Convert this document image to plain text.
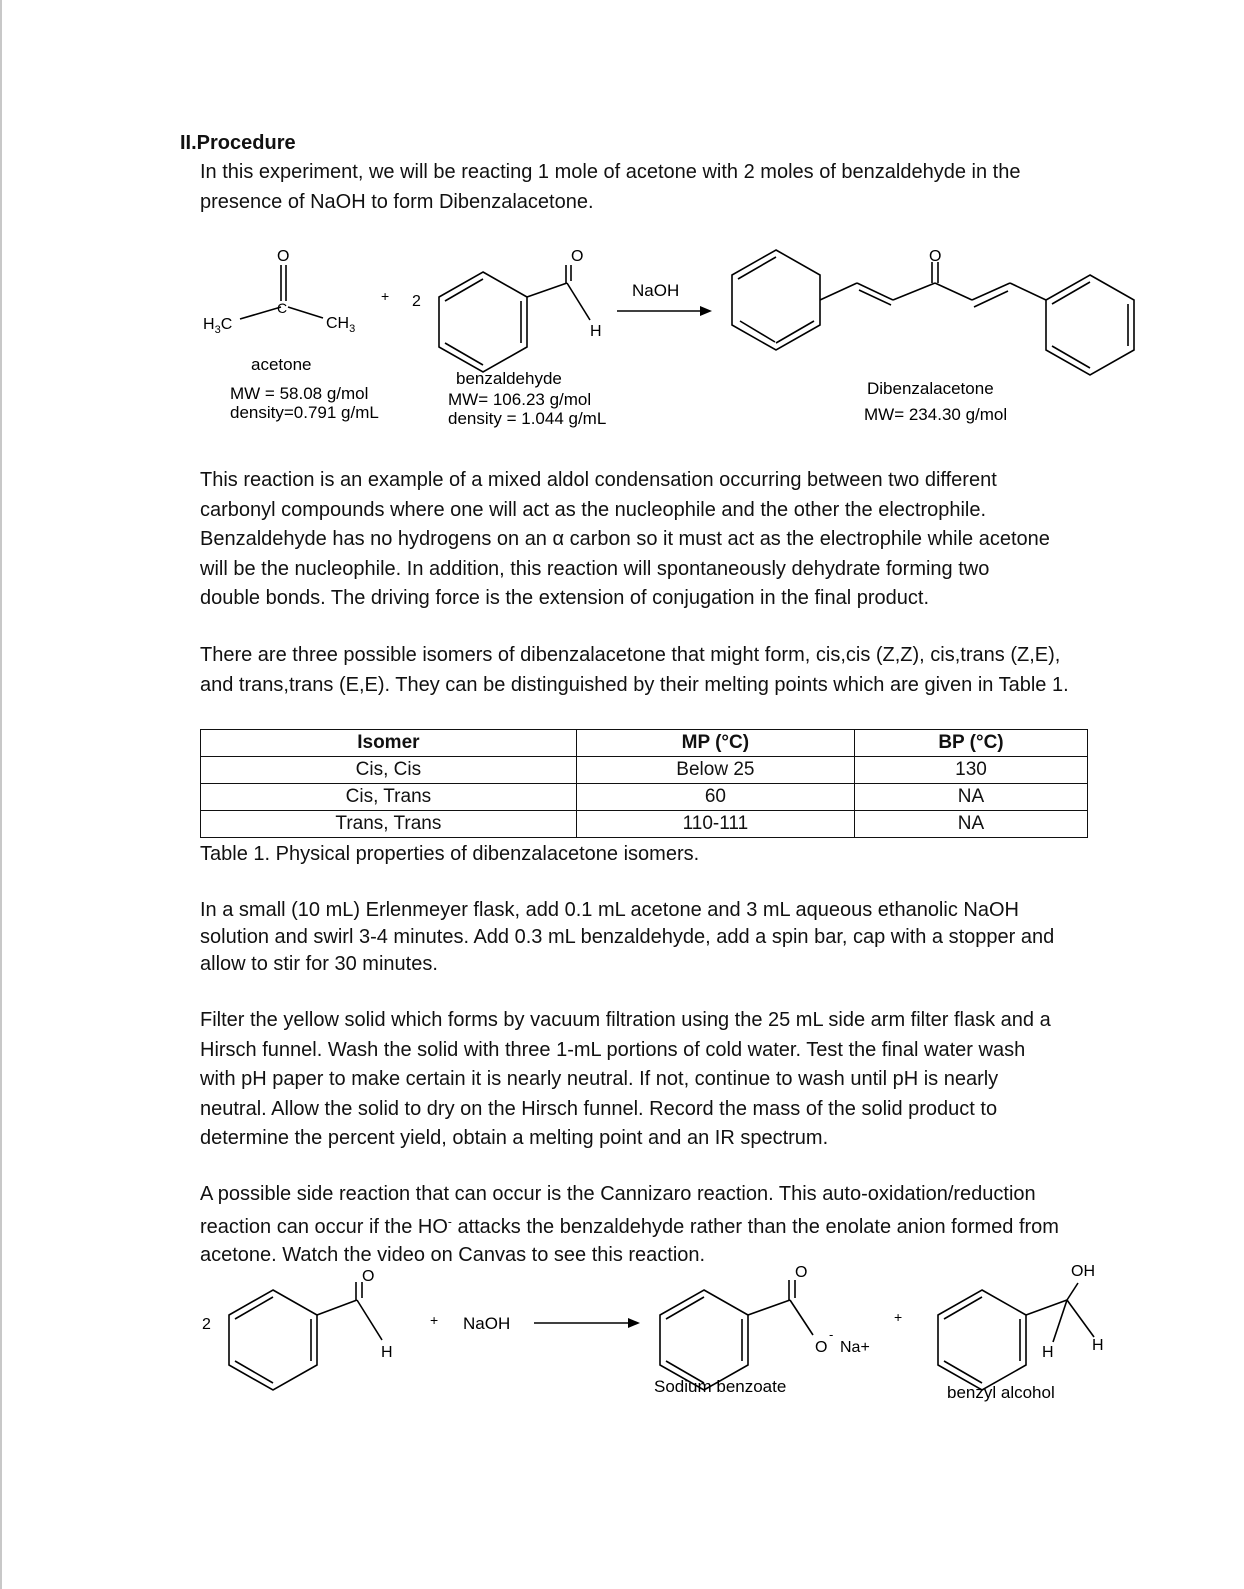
II.Procedure

In this experiment, we will be reacting 1 mole of acetone with 2 moles of benzaldehyde in the
presence of NaOH to form Dibenzalacetone.

O
C
$H_3C$	$CH_3$
+ 2
O
H
NaOH
O
acetone
MW = 58.08 g/mol
density=0.791 g/mL
benzaldehyde
MW= 106.23 g/mol
density = 1.044 g/mL
Dibenzalacetone
MW= 234.30 g/mol

This reaction is an example of a mixed aldol condensation occurring between two different
carbonyl compounds where one will act as the nucleophile and the other the electrophile.
Benzaldehyde has no hydrogens on an α carbon so it must act as the electrophile while acetone
will be the nucleophile. In addition, this reaction will spontaneously dehydrate forming two
double bonds. The driving force is the extension of conjugation in the final product.

There are three possible isomers of dibenzalacetone that might form, cis,cis (Z,Z), cis,trans (Z,E),
and trans,trans (E,E). They can be distinguished by their melting points which are given in Table 1.

Isomer	MP (°C)	BP (°C)
Cis, Cis	Below 25	130
Cis, Trans	60	NA
Trans, Trans	110-111	NA
Table 1. Physical properties of dibenzalacetone isomers.

In a small (10 mL) Erlenmeyer flask, add 0.1 mL acetone and 3 mL aqueous ethanolic NaOH
solution and swirl 3-4 minutes. Add 0.3 mL benzaldehyde, add a spin bar, cap with a stopper and
allow to stir for 30 minutes.

Filter the yellow solid which forms by vacuum filtration using the 25 mL side arm filter flask and a
Hirsch funnel. Wash the solid with three 1-mL portions of cold water. Test the final water wash
with pH paper to make certain it is nearly neutral. If not, continue to wash until pH is nearly
neutral. Allow the solid to dry on the Hirsch funnel. Record the mass of the solid product to
determine the percent yield, obtain a melting point and an IR spectrum.

A possible side reaction that can occur is the Cannizaro reaction. This auto-oxidation/reduction
reaction can occur if the HO- attacks the benzaldehyde rather than the enolate anion formed from
acetone. Watch the video on Canvas to see this reaction.

2
O
H
+ NaOH
O
O
-
Na+
Sodium benzoate
+
OH
H H
benzyl alcohol
